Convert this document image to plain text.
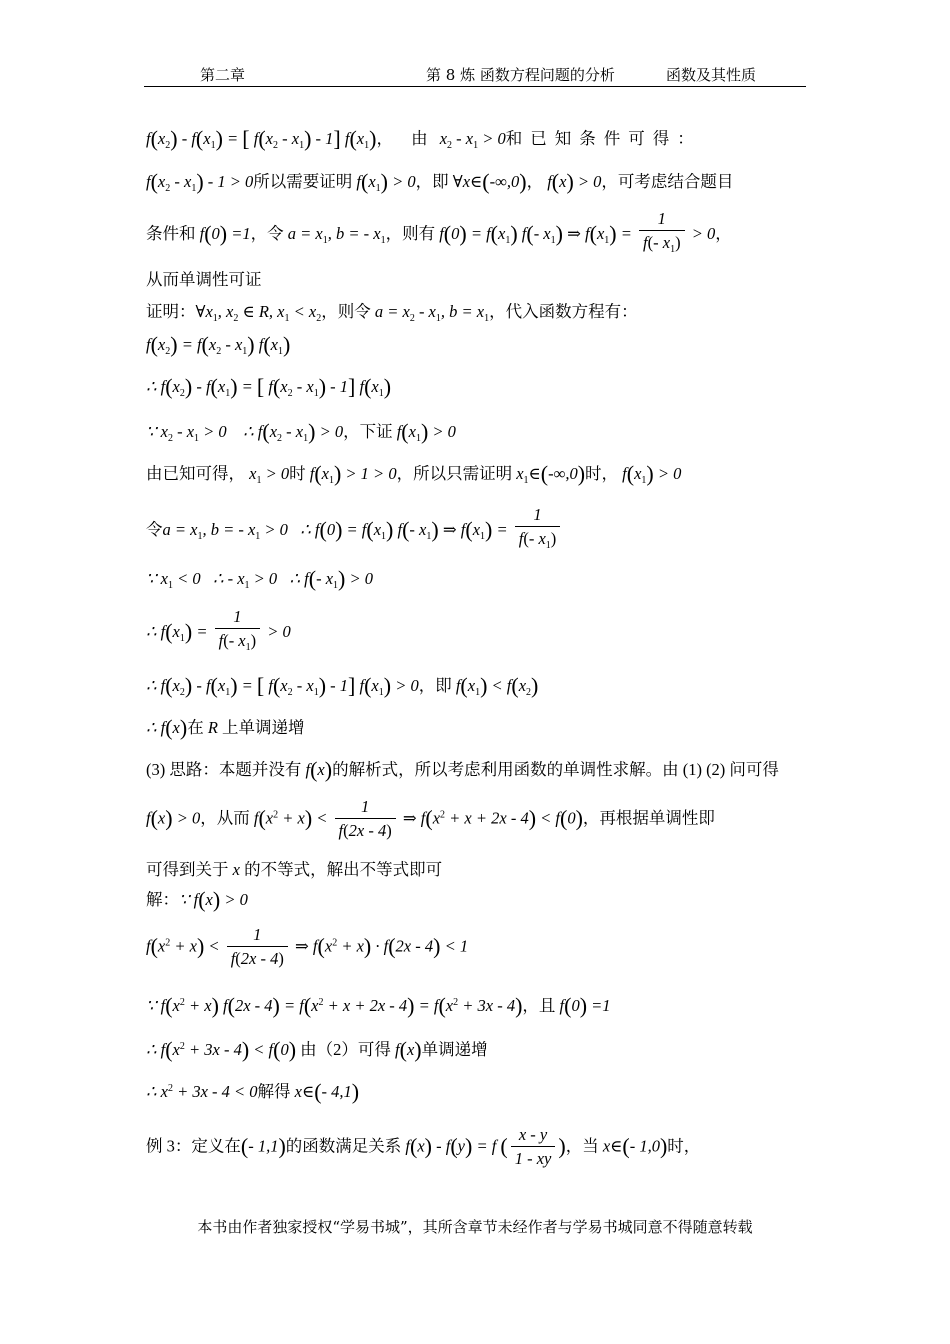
第二章	第 8 炼 函数方程问题的分析	函数及其性质
$f(x_2) - f(x_1)$ = [ $f(x_2 - x_1) - 1$] $f(x_1)$， 由 $x_2 - x_1 > 0$和已知条件可得：
$f(x_2 - x_1) - 1 > 0$所以需要证明 $f(x_1) > 0$，即 ∀x∈(-∞,0)， f(x) > 0，可考虑结合题目
条件和 f(0) =1，令 $a = x_1$, b = - $x_1$，则有 $f(0) = f(x_1)$ f(- $x_1$) ⇒ $f(x_1) = \frac{1}{f(- x_1)} > 0$，
从而单调性可证
证明：$\forall x_1$, $x_2$ ∈ R, $x_1 < x_2$，则令 $a = x_2 - x_1$, $b = x_1$，代入函数方程有：
$f(x_2) = f(x_2 - x_1)$ $f(x_1)$
∴ $f(x_2) - f(x_1)$ = [ $f(x_2 - x_1) - 1$] $f(x_1)$
∵ $x_2 - x_1 > 0$    ∴ $f(x_2 - x_1) > 0$，下证 $f(x_1) > 0$
由已知可得， $x_1 > 0$时 $f(x_1) > 1 > 0$，所以只需证明 $x_1\in(-\infty,0)$时， $f(x_1) > 0$
令$a = x_1$, b = - $x_1 > 0$   ∴ $f(0) = f(x_1)$ f(- $x_1$) ⇒ $f(x_1) = \frac{1}{f(- x_1)}$
∵ $x_1 < 0$   ∴ - $x_1 > 0$   ∴ f(- $x_1) > 0$
∴ $f(x_1) = \frac{1}{f(- x_1)} > 0$
∴ $f(x_2) - f(x_1)$ = [ $f(x_2 - x_1) - 1$] $f(x_1) > 0$，即 $f(x_1) < f(x_2)$
∴ f(x)在 R 上单调递增
(3) 思路：本题并没有 f(x)的解析式，所以考虑利用函数的单调性求解。由 (1) (2) 问可得
f(x) > 0，从而 $f(x^2 + x) < \frac{1}{f(2x - 4)}$ ⇒ $f(x^2 + x + 2x - 4) < f(0)$，再根据单调性即
可得到关于 x 的不等式，解出不等式即可
解：∵ f(x) > 0
$f(x^2 + x) < \frac{1}{f(2x - 4)}$ ⇒ $f(x^2 + x) \cdot f(2x - 4) < 1$
∵ $f(x^2 + x)$ $f(2x - 4) = f(x^2 + x + 2x - 4) = f(x^2 + 3x - 4)$，且 f(0) =1
∴ $f(x^2 + 3x - 4) < f(0)$ 由（2）可得 f(x)单调递增
∴ $x^2 + 3x - 4 < 0$解得 x∈(- 4,1)
例 3：定义在(- 1,1)的函数满足关系 f(x) - f(y) = f ( $\frac{x - y}{1 - xy}$ )，当 x∈(- 1,0)时，
本书由作者独家授权“学易书城”，其所含章节未经作者与学易书城同意不得随意转载
